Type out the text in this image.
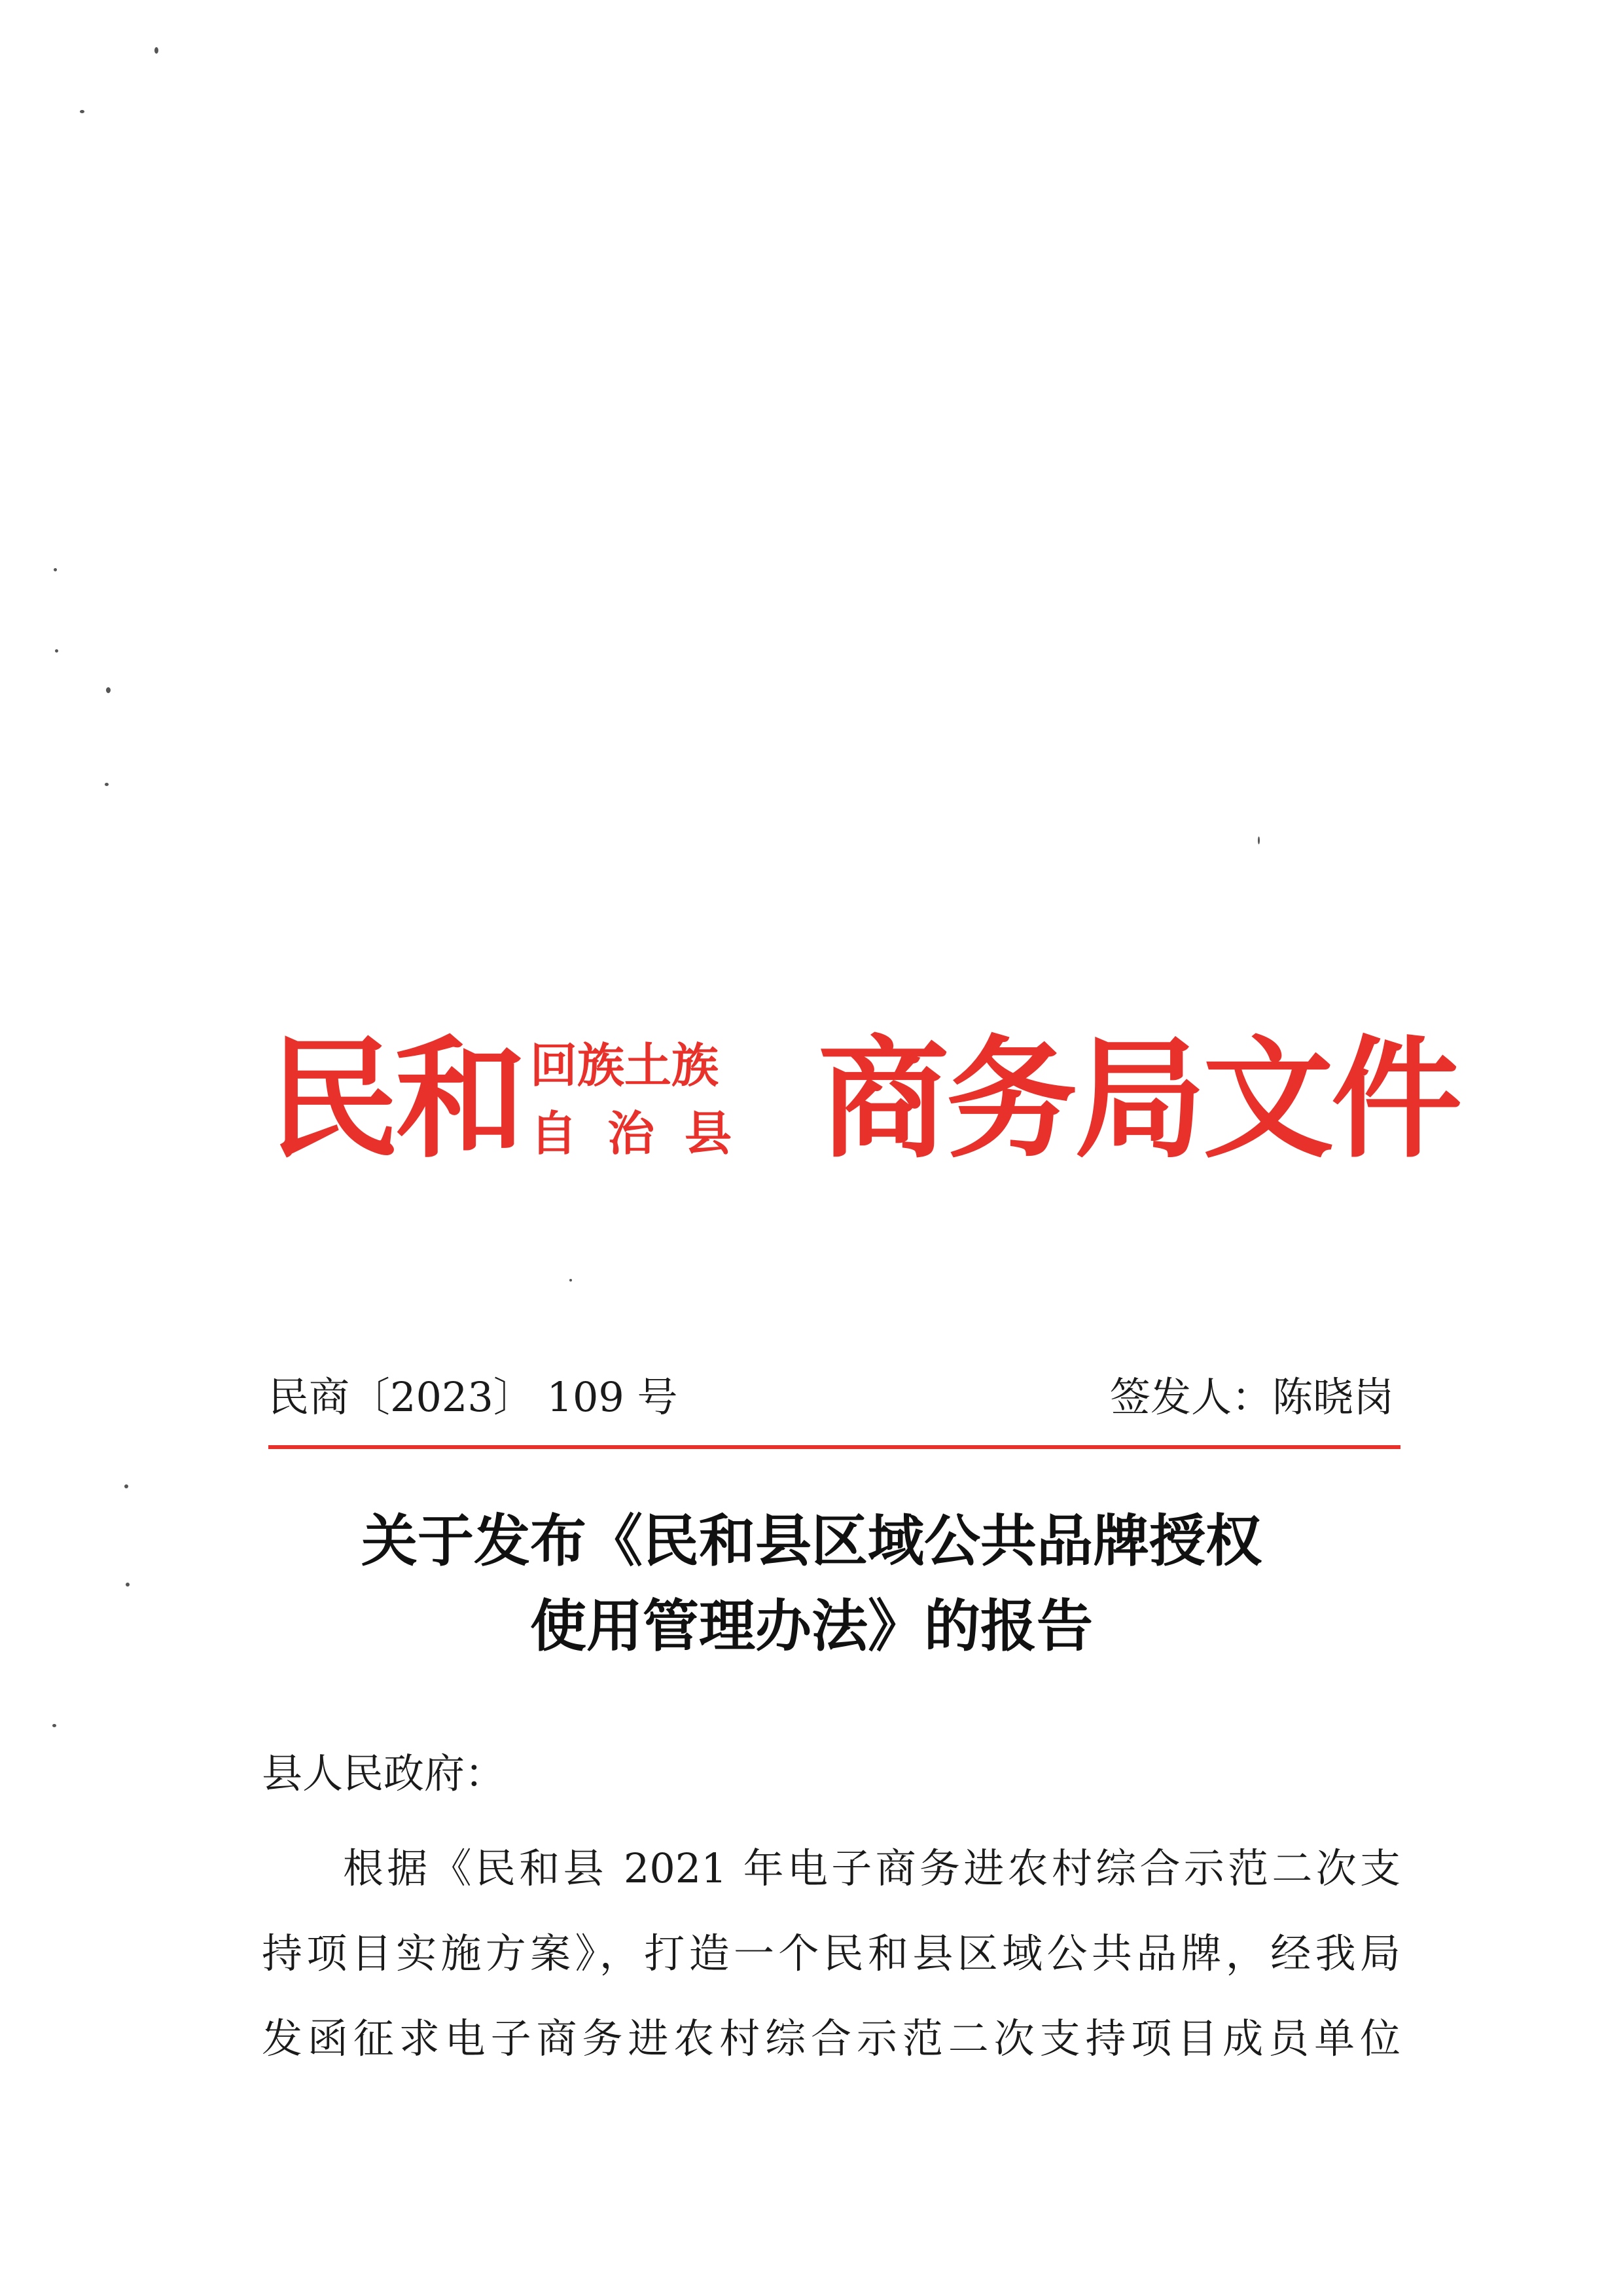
民和 回族土族
自治县 商务局文件
民商〔2023〕 109 号	签发人：陈晓岗
关于发布《民和县区域公共品牌授权
使用管理办法》的报告
县人民政府：
根据《民和县 2021 年电子商务进农村综合示范二次支
持项目实施方案》，打造一个民和县区域公共品牌，经我局
发函征求电子商务进农村综合示范二次支持项目成员单位
